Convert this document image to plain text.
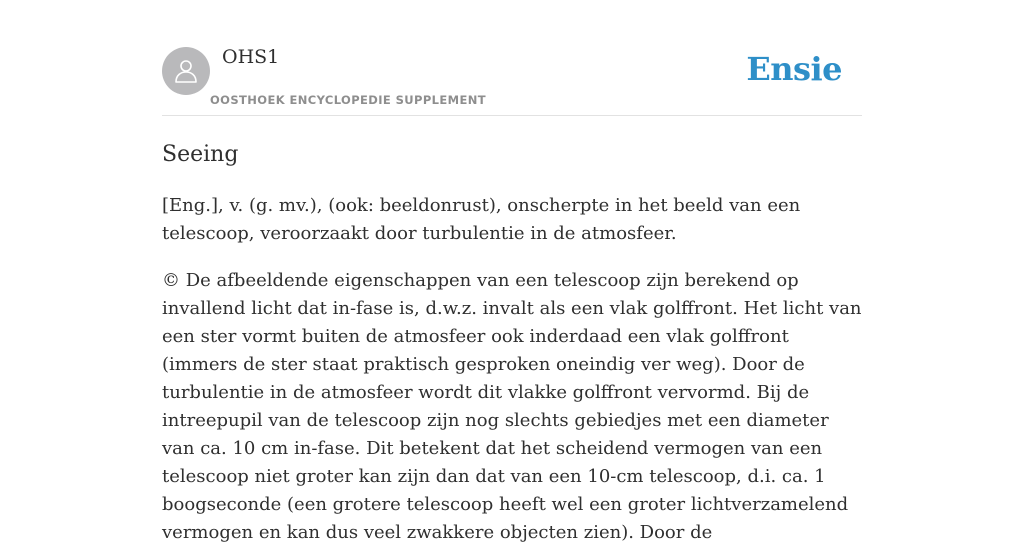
OHS1
OOSTHOEK ENCYCLOPEDIE SUPPLEMENT
Ensie
Seeing

[Eng.], v. (g. mv.), (ook: beeldonrust), onscherpte in het beeld van een telescoop, veroorzaakt door turbulentie in de atmosfeer.

© De afbeeldende eigenschappen van een telescoop zijn berekend op invallend licht dat in-fase is, d.w.z. invalt als een vlak golffront. Het licht van een ster vormt buiten de atmosfeer ook inderdaad een vlak golffront (immers de ster staat praktisch gesproken oneindig ver weg). Door de turbulentie in de atmosfeer wordt dit vlakke golffront vervormd. Bij de intreepupil van de telescoop zijn nog slechts gebiedjes met een diameter van ca. 10 cm in-fase. Dit betekent dat het scheidend vermogen van een telescoop niet groter kan zijn dan dat van een 10-cm telescoop, d.i. ca. 1 boogseconde (een grotere telescoop heeft wel een groter lichtverzamelend vermogen en kan dus veel zwakkere objecten zien). Door de
